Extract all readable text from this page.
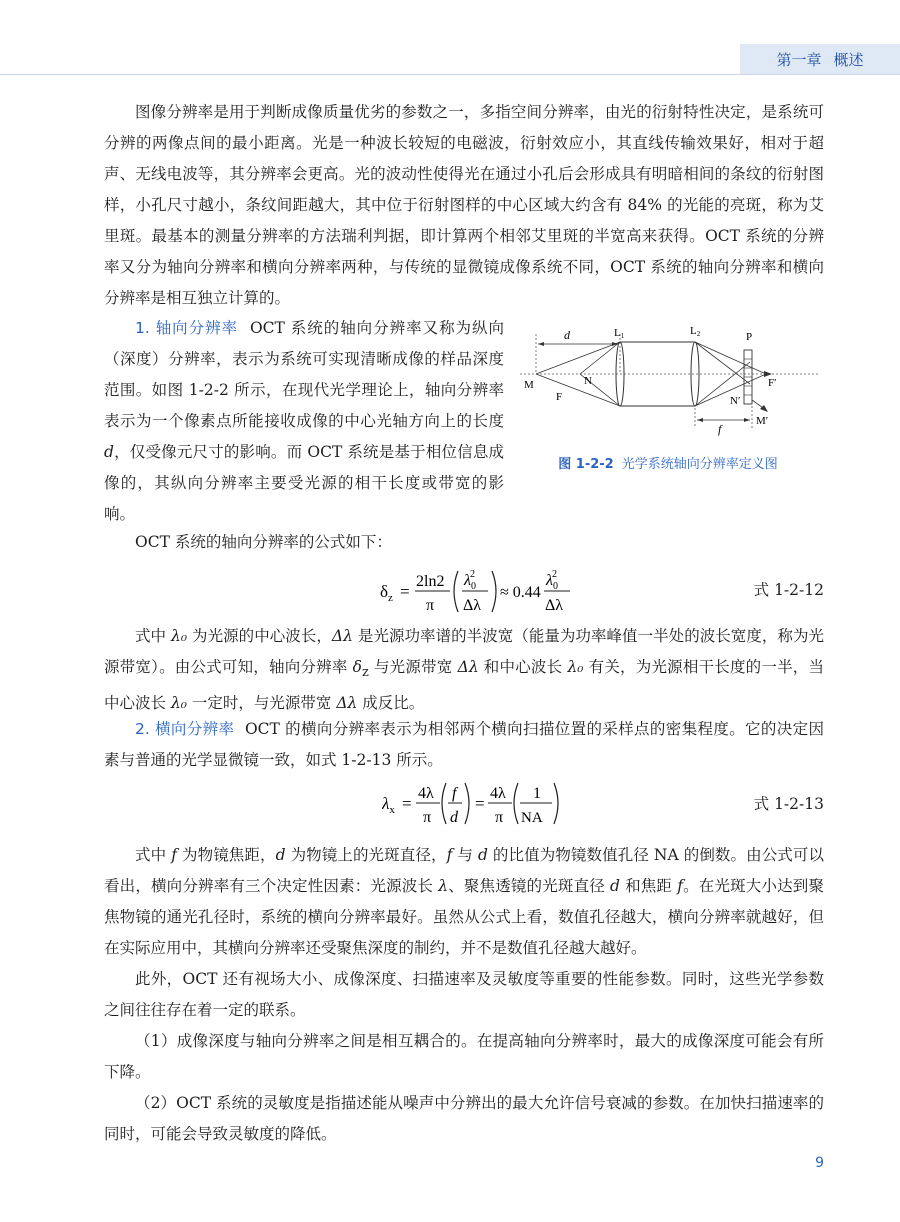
第一章 概述

图像分辨率是用于判断成像质量优劣的参数之一，多指空间分辨率，由光的衍射特性决定，是系统可分辨的两像点间的最小距离。光是一种波长较短的电磁波，衍射效应小，其直线传输效果好，相对于超声、无线电波等，其分辨率会更高。光的波动性使得光在通过小孔后会形成具有明暗相间的条纹的衍射图样，小孔尺寸越小，条纹间距越大，其中位于衍射图样的中心区域大约含有 84% 的光能的亮斑，称为艾里斑。最基本的测量分辨率的方法瑞利判据，即计算两个相邻艾里斑的半宽高来获得。OCT 系统的分辨率又分为轴向分辨率和横向分辨率两种，与传统的显微镜成像系统不同，OCT 系统的轴向分辨率和横向分辨率是相互独立计算的。

1. 轴向分辨率 OCT 系统的轴向分辨率又称为纵向（深度）分辨率，表示为系统可实现清晰成像的样品深度范围。如图 1-2-2 所示，在现代光学理论上，轴向分辨率表示为一个像素点所能接收成像的中心光轴方向上的长度 d，仅受像元尺寸的影响。而 OCT 系统是基于相位信息成像的，其纵向分辨率主要受光源的相干长度或带宽的影响。

d	L1	L2	P
M	N
F
F′
N′
M′
f
图 1-2-2 光学系统轴向分辨率定义图

OCT 系统的轴向分辨率的公式如下：

$\delta_z$ =
2ln2
π
$\lambda_02$
Δλ
≈ 0.44
$\lambda_02$
Δλ
式 1-2-12

式中 λ₀ 为光源的中心波长，Δλ 是光源功率谱的半波宽（能量为功率峰值一半处的波长宽度，称为光源带宽）。由公式可知，轴向分辨率 $\delta_z$ 与光源带宽 Δλ 和中心波长 λ₀ 有关，为光源相干长度的一半，当中心波长 λ₀ 一定时，与光源带宽 Δλ 成反比。

2. 横向分辨率 OCT 的横向分辨率表示为相邻两个横向扫描位置的采样点的密集程度。它的决定因素与普通的光学显微镜一致，如式 1-2-13 所示。

$\lambda_x$ =
4λ
π
f
d
=
4λ
π
1
NA
式 1-2-13

式中 f 为物镜焦距，d 为物镜上的光斑直径，f 与 d 的比值为物镜数值孔径 NA 的倒数。由公式可以看出，横向分辨率有三个决定性因素：光源波长 λ、聚焦透镜的光斑直径 d 和焦距 f。在光斑大小达到聚焦物镜的通光孔径时，系统的横向分辨率最好。虽然从公式上看，数值孔径越大，横向分辨率就越好，但在实际应用中，其横向分辨率还受聚焦深度的制约，并不是数值孔径越大越好。

此外，OCT 还有视场大小、成像深度、扫描速率及灵敏度等重要的性能参数。同时，这些光学参数之间往往存在着一定的联系。

（1）成像深度与轴向分辨率之间是相互耦合的。在提高轴向分辨率时，最大的成像深度可能会有所下降。

（2）OCT 系统的灵敏度是指描述能从噪声中分辨出的最大允许信号衰减的参数。在加快扫描速率的同时，可能会导致灵敏度的降低。

9
